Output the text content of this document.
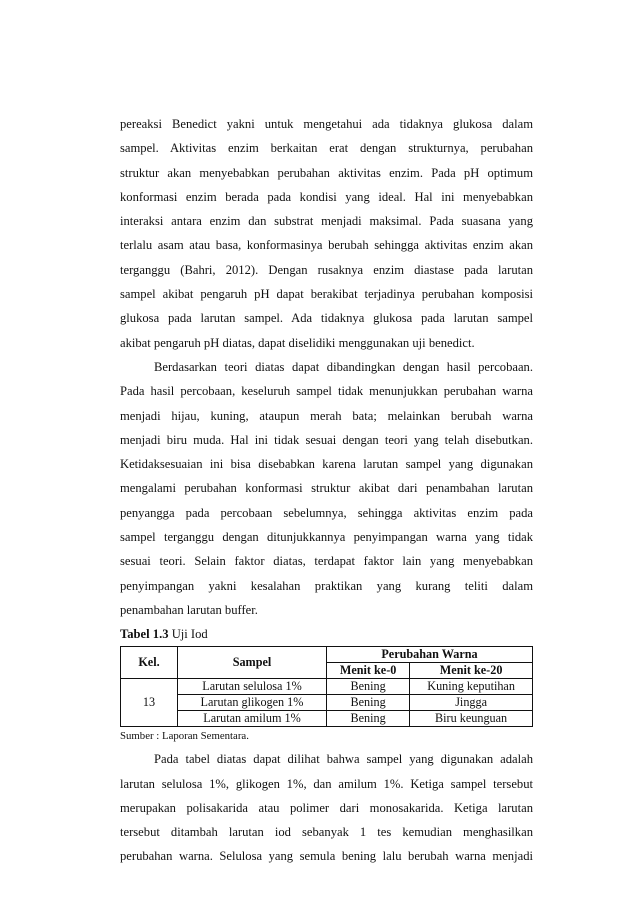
pereaksi Benedict yakni untuk mengetahui ada tidaknya glukosa dalam
sampel. Aktivitas enzim berkaitan erat dengan strukturnya, perubahan
struktur akan menyebabkan perubahan aktivitas enzim. Pada pH optimum
konformasi enzim berada pada kondisi yang ideal. Hal ini menyebabkan
interaksi antara enzim dan substrat menjadi maksimal. Pada suasana yang
terlalu asam atau basa, konformasinya berubah sehingga aktivitas enzim akan
terganggu (Bahri, 2012). Dengan rusaknya enzim diastase pada larutan
sampel akibat pengaruh pH dapat berakibat terjadinya perubahan komposisi
glukosa pada larutan sampel. Ada tidaknya glukosa pada larutan sampel
akibat pengaruh pH diatas, dapat diselidiki menggunakan uji benedict.
Berdasarkan teori diatas dapat dibandingkan dengan hasil percobaan.
Pada hasil percobaan, keseluruh sampel tidak menunjukkan perubahan warna
menjadi hijau, kuning, ataupun merah bata; melainkan berubah warna
menjadi biru muda. Hal ini tidak sesuai dengan teori yang telah disebutkan.
Ketidaksesuaian ini bisa disebabkan karena larutan sampel yang digunakan
mengalami perubahan konformasi struktur akibat dari penambahan larutan
penyangga pada percobaan sebelumnya, sehingga aktivitas enzim pada
sampel terganggu dengan ditunjukkannya penyimpangan warna yang tidak
sesuai teori. Selain faktor diatas, terdapat faktor lain yang menyebabkan
penyimpangan yakni kesalahan praktikan yang kurang teliti dalam
penambahan larutan buffer.
Tabel 1.3 Uji Iod
Kel.	Sampel	Perubahan Warna	
		Menit ke-0	Menit ke-20
13	Larutan selulosa 1%	Bening	Kuning keputihan
	Larutan glikogen 1%	Bening	Jingga
	Larutan amilum 1%	Bening	Biru keunguan
Sumber : Laporan Sementara.
Pada tabel diatas dapat dilihat bahwa sampel yang digunakan adalah
larutan selulosa 1%, glikogen 1%, dan amilum 1%. Ketiga sampel tersebut
merupakan polisakarida atau polimer dari monosakarida. Ketiga larutan
tersebut ditambah larutan iod sebanyak 1 tes kemudian menghasilkan
perubahan warna. Selulosa yang semula bening lalu berubah warna menjadi
